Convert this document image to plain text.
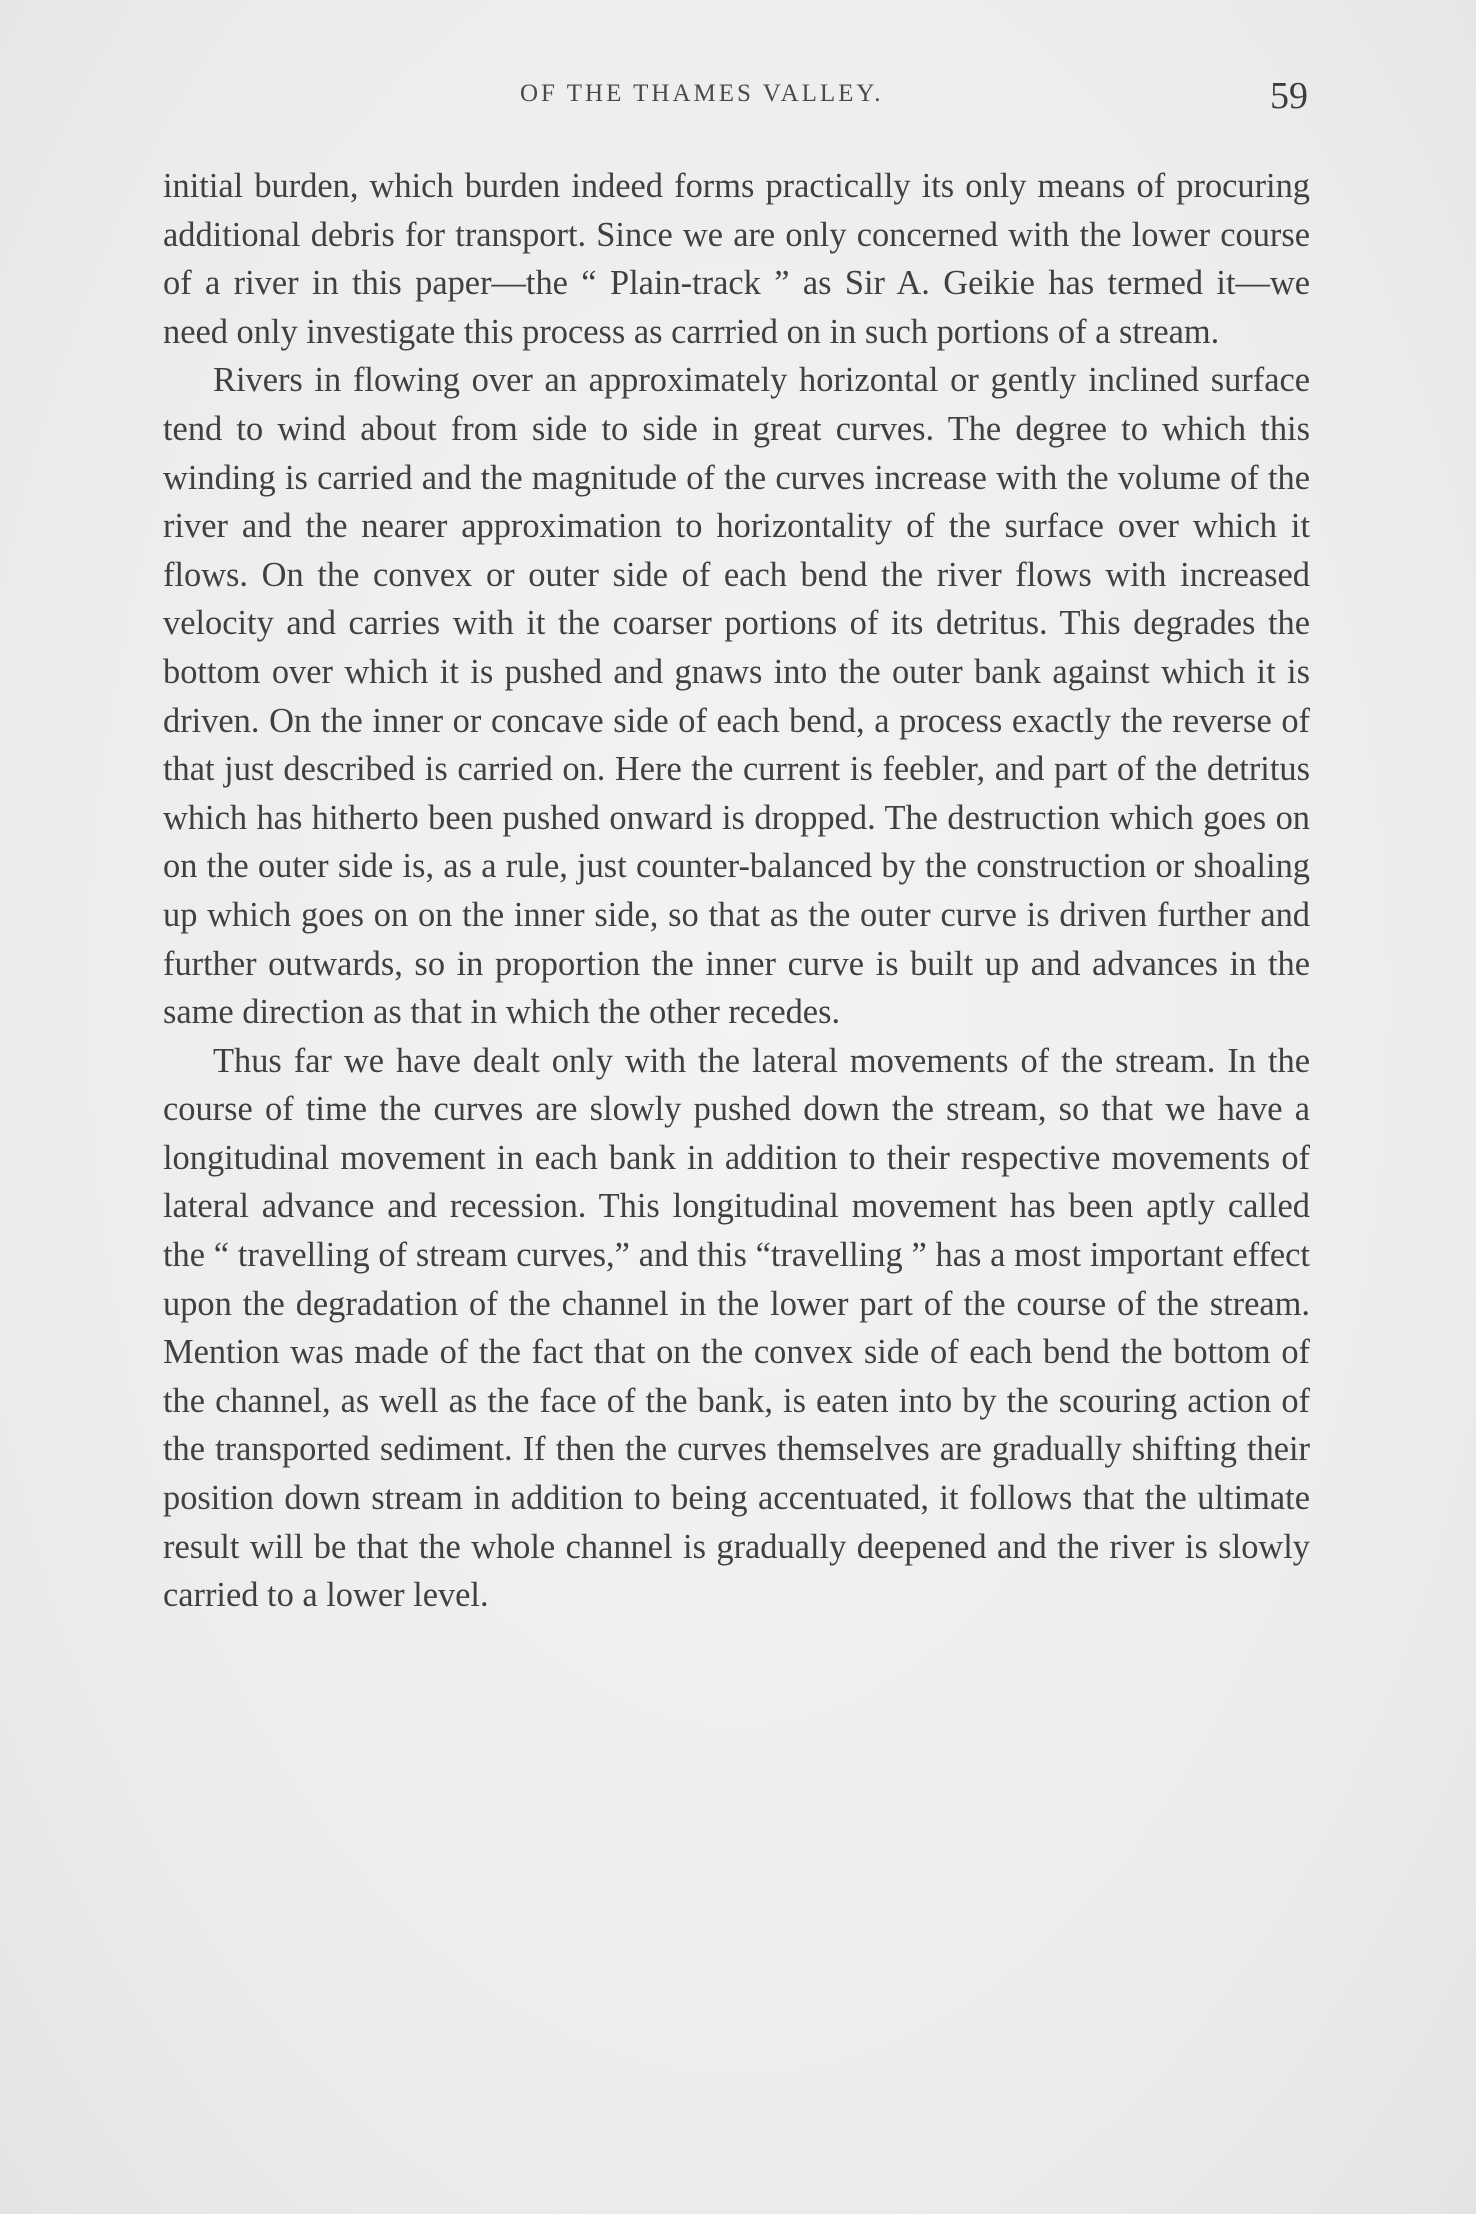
OF THE THAMES VALLEY.	59

initial burden, which burden indeed forms practically its only means of procuring additional debris for transport. Since we are only concerned with the lower course of a river in this paper—the “ Plain-track ” as Sir A. Geikie has termed it—we need only investigate this process as carrried on in such portions of a stream.

Rivers in flowing over an approximately horizontal or gently inclined surface tend to wind about from side to side in great curves. The degree to which this winding is carried and the magnitude of the curves increase with the volume of the river and the nearer approximation to horizontality of the surface over which it flows. On the convex or outer side of each bend the river flows with increased velocity and carries with it the coarser portions of its detritus. This degrades the bottom over which it is pushed and gnaws into the outer bank against which it is driven. On the inner or concave side of each bend, a process exactly the reverse of that just described is carried on. Here the current is feebler, and part of the detritus which has hitherto been pushed onward is dropped. The destruction which goes on on the outer side is, as a rule, just counter-balanced by the construction or shoaling up which goes on on the inner side, so that as the outer curve is driven further and further outwards, so in proportion the inner curve is built up and advances in the same direction as that in which the other recedes.

Thus far we have dealt only with the lateral movements of the stream. In the course of time the curves are slowly pushed down the stream, so that we have a longitudinal movement in each bank in addition to their respective movements of lateral advance and recession. This longitudinal movement has been aptly called the “ travelling of stream curves,” and this “travelling ” has a most important effect upon the degradation of the channel in the lower part of the course of the stream. Mention was made of the fact that on the convex side of each bend the bottom of the channel, as well as the face of the bank, is eaten into by the scouring action of the transported sediment. If then the curves themselves are gradually shifting their position down stream in addition to being accentuated, it follows that the ultimate result will be that the whole channel is gradually deepened and the river is slowly carried to a lower level.
